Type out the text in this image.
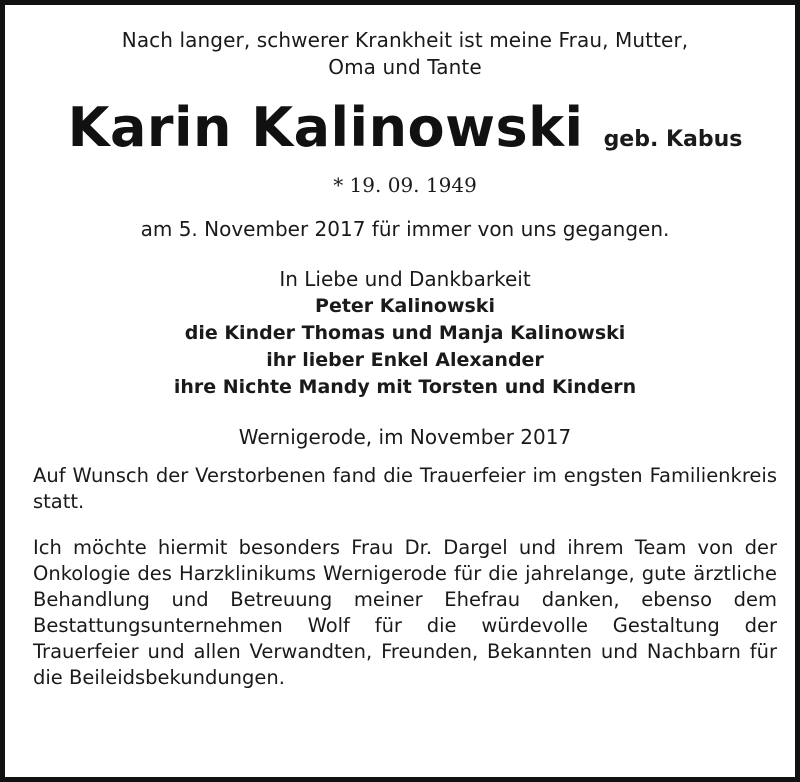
Nach langer, schwerer Krankheit ist meine Frau, Mutter,
Oma und Tante
Karin Kalinowski geb. Kabus
* 19. 09. 1949
am 5. November 2017 für immer von uns gegangen.
In Liebe und Dankbarkeit
Peter Kalinowski
die Kinder Thomas und Manja Kalinowski
ihr lieber Enkel Alexander
ihre Nichte Mandy mit Torsten und Kindern
Wernigerode, im November 2017
Auf Wunsch der Verstorbenen fand die Trauerfeier im engsten Familienkreis statt.
Ich möchte hiermit besonders Frau Dr. Dargel und ihrem Team von der Onkologie des Harzklinikums Wernigerode für die jahrelange, gute ärztliche Behandlung und Betreuung meiner Ehefrau danken, ebenso dem Bestattungsunternehmen Wolf für die würdevolle Gestaltung der Trauerfeier und allen Verwandten, Freunden, Bekannten und Nachbarn für die Beileidsbekundungen.
